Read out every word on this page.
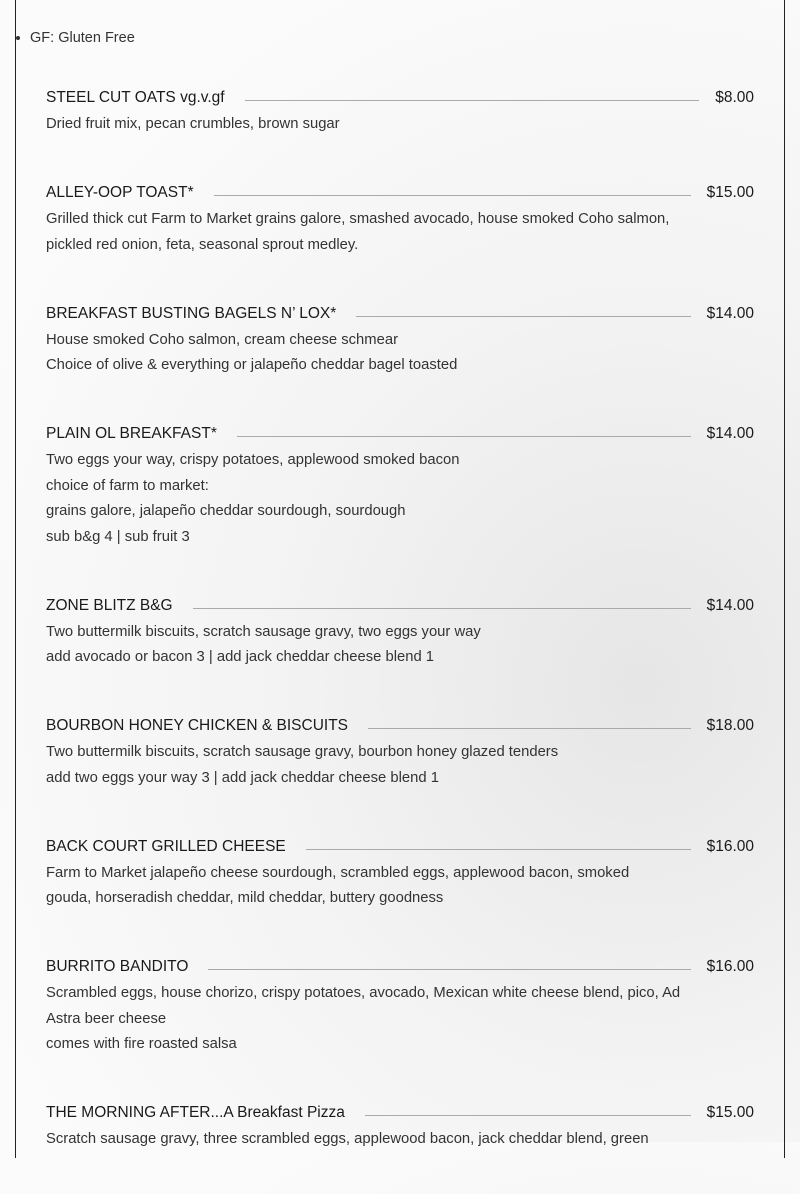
GF: Gluten Free
STEEL CUT OATS vg.v.gf	$8.00
Dried fruit mix, pecan crumbles, brown sugar
ALLEY-OOP TOAST*	$15.00
Grilled thick cut Farm to Market grains galore, smashed avocado, house smoked Coho salmon,
pickled red onion, feta, seasonal sprout medley.
BREAKFAST BUSTING BAGELS N’ LOX*	$14.00
House smoked Coho salmon, cream cheese schmear
Choice of olive & everything or jalapeño cheddar bagel toasted
PLAIN OL BREAKFAST*	$14.00
Two eggs your way, crispy potatoes, applewood smoked bacon
choice of farm to market:
grains galore, jalapeño cheddar sourdough, sourdough
sub b&g 4 | sub fruit 3
ZONE BLITZ B&G	$14.00
Two buttermilk biscuits, scratch sausage gravy, two eggs your way
add avocado or bacon 3 | add jack cheddar cheese blend 1
BOURBON HONEY CHICKEN & BISCUITS	$18.00
Two buttermilk biscuits, scratch sausage gravy, bourbon honey glazed tenders
add two eggs your way 3 | add jack cheddar cheese blend 1
BACK COURT GRILLED CHEESE	$16.00
Farm to Market jalapeño cheese sourdough, scrambled eggs, applewood bacon, smoked
gouda, horseradish cheddar, mild cheddar, buttery goodness
BURRITO BANDITO	$16.00
Scrambled eggs, house chorizo, crispy potatoes, avocado, Mexican white cheese blend, pico, Ad
Astra beer cheese
comes with fire roasted salsa
THE MORNING AFTER...A Breakfast Pizza	$15.00
Scratch sausage gravy, three scrambled eggs, applewood bacon, jack cheddar blend, green
